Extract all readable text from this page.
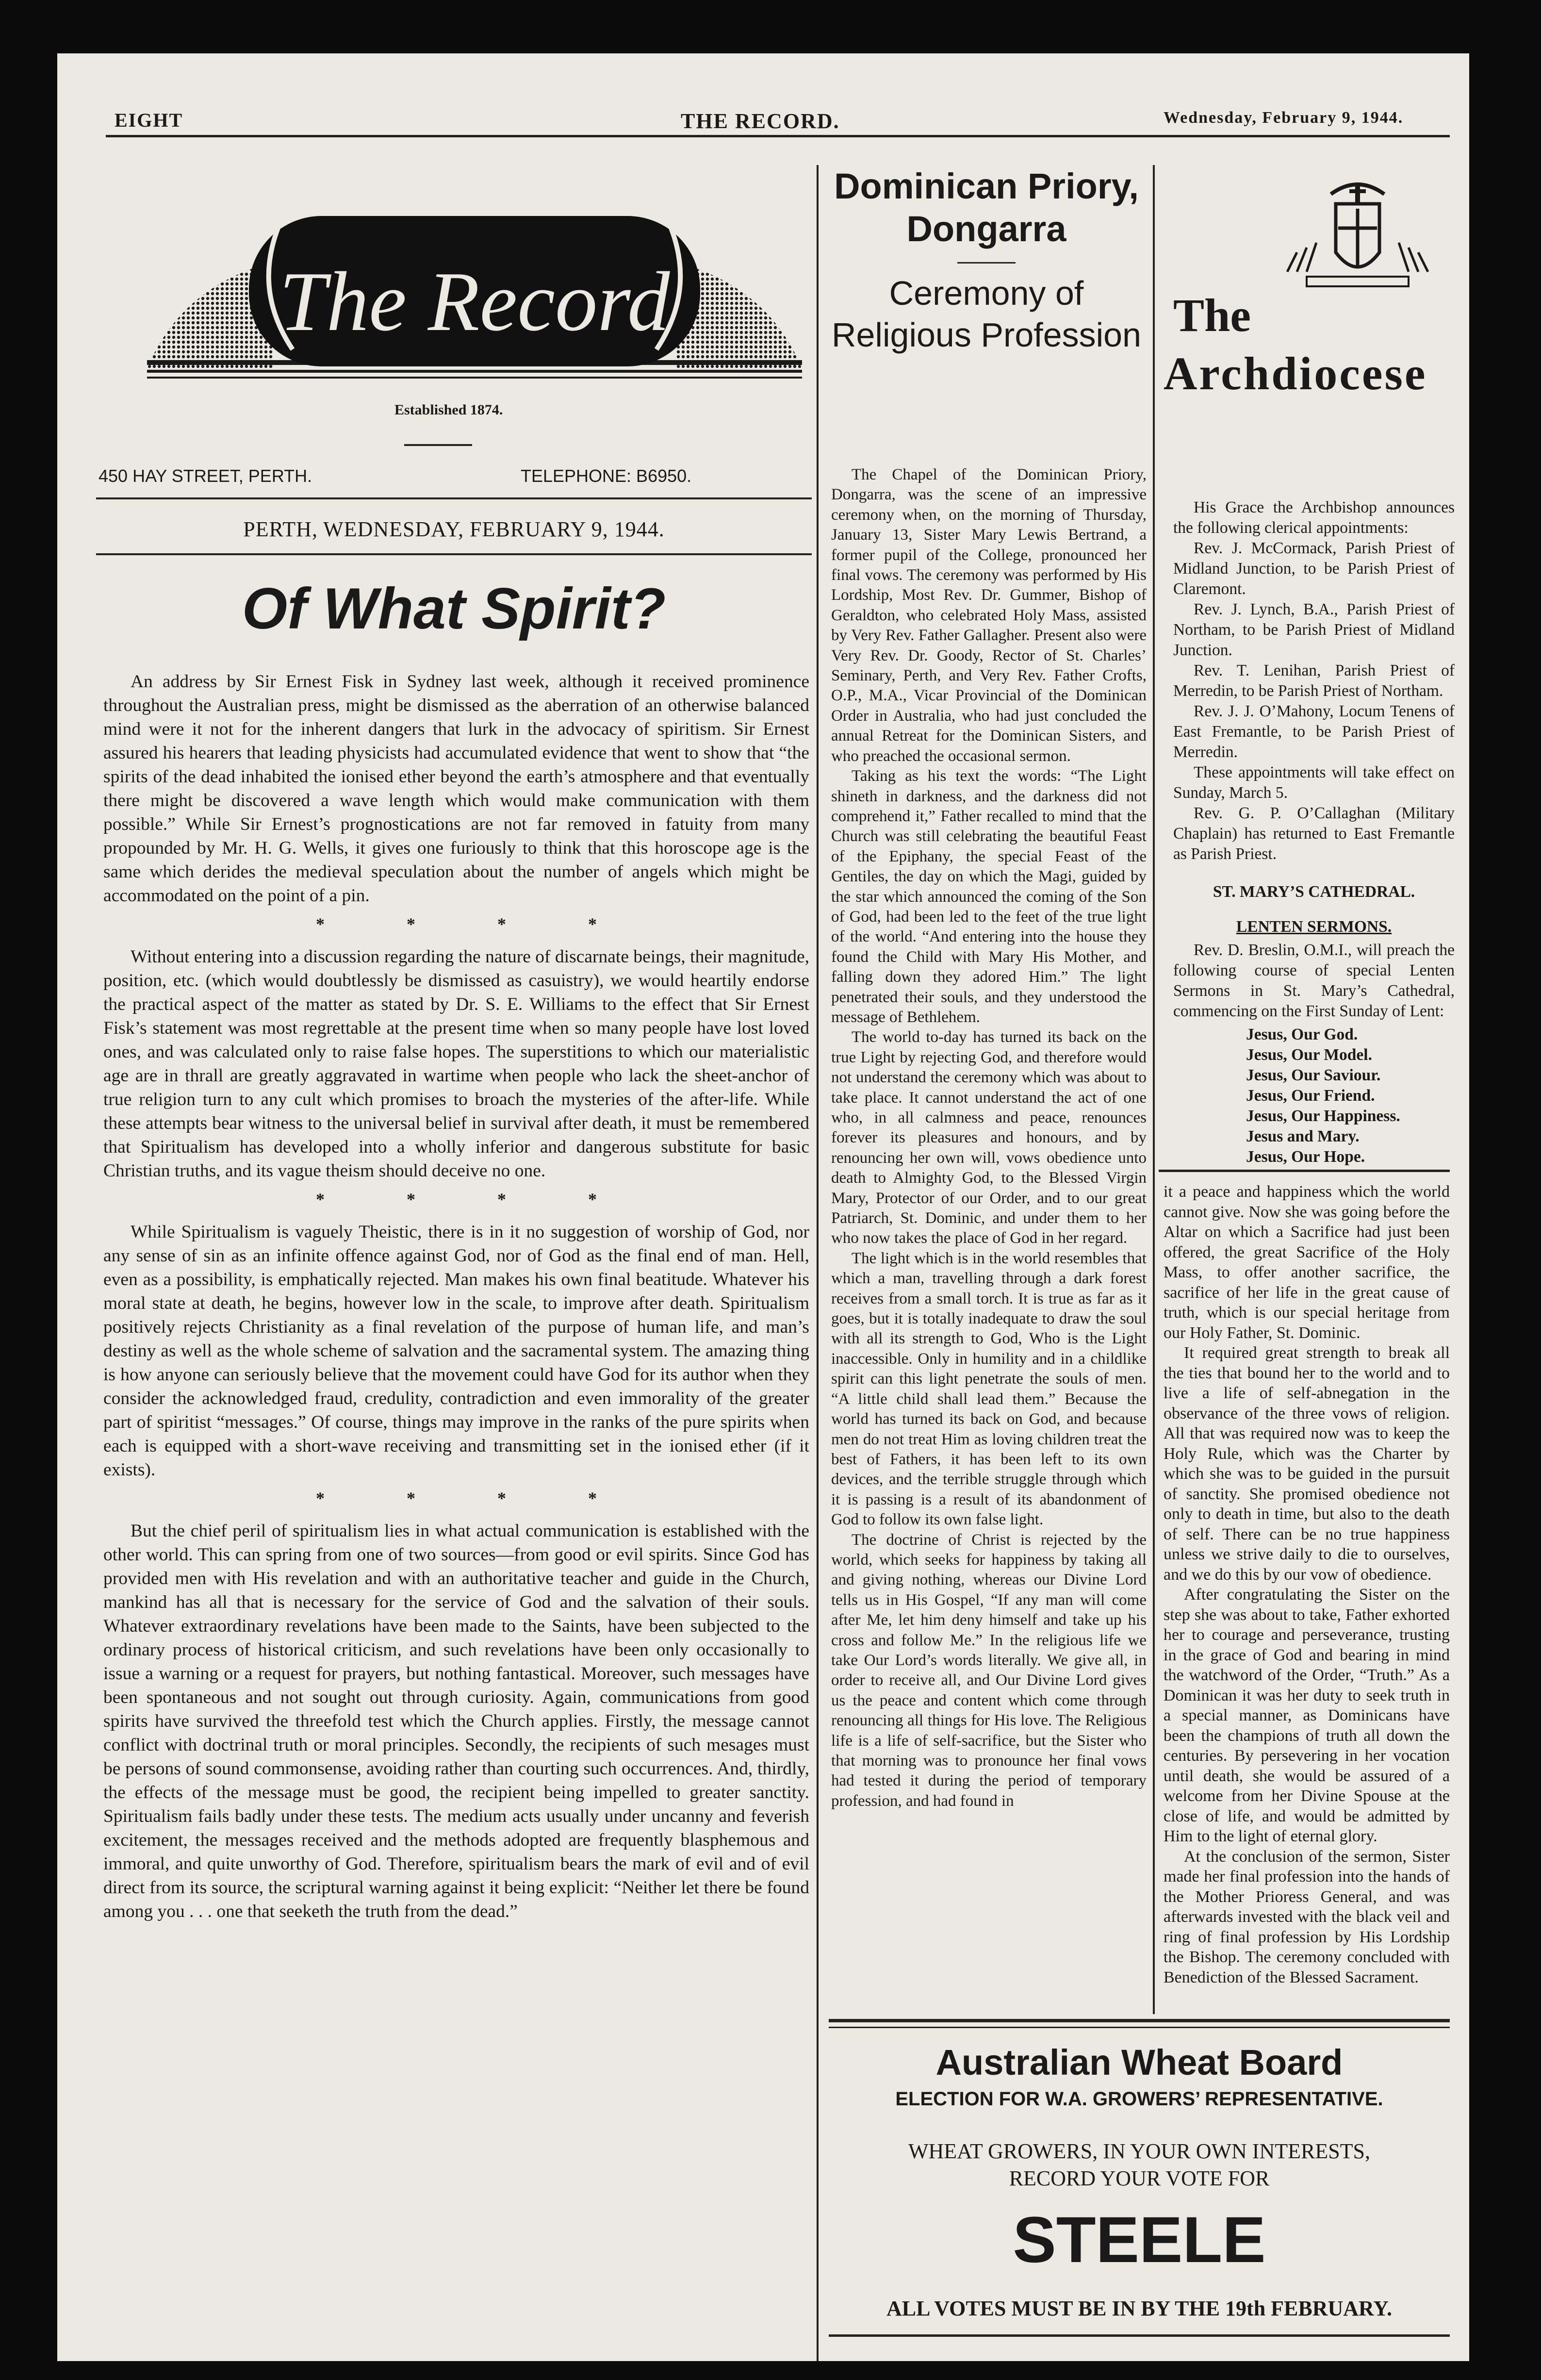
EIGHT	THE RECORD.	Wednesday, February 9, 1944.
The Record
Established 1874.
450 HAY STREET, PERTH.	TELEPHONE: B6950.
PERTH, WEDNESDAY, FEBRUARY 9, 1944.
Of What Spirit?

An address by Sir Ernest Fisk in Sydney last week, although it received prominence throughout the Australian press, might be dismissed as the aberration of an otherwise balanced mind were it not for the inherent dangers that lurk in the advocacy of spiritism. Sir Ernest assured his hearers that leading physicists had accumulated evidence that went to show that “the spirits of the dead inhabited the ionised ether beyond the earth’s atmosphere and that eventually there might be discovered a wave length which would make communication with them possible.” While Sir Ernest’s prognostications are not far removed in fatuity from many propounded by Mr. H. G. Wells, it gives one furiously to think that this horoscope age is the same which derides the medieval speculation about the number of angels which might be accommodated on the point of a pin.

* * * *

Without entering into a discussion regarding the nature of discarnate beings, their magnitude, position, etc. (which would doubtlessly be dismissed as casuistry), we would heartily endorse the practical aspect of the matter as stated by Dr. S. E. Williams to the effect that Sir Ernest Fisk’s statement was most regrettable at the present time when so many people have lost loved ones, and was calculated only to raise false hopes. The superstitions to which our materialistic age are in thrall are greatly aggravated in wartime when people who lack the sheet-anchor of true religion turn to any cult which promises to broach the mysteries of the after-life. While these attempts bear witness to the universal belief in survival after death, it must be remembered that Spiritualism has developed into a wholly inferior and dangerous substitute for basic Christian truths, and its vague theism should deceive no one.

* * * *

While Spiritualism is vaguely Theistic, there is in it no suggestion of worship of God, nor any sense of sin as an infinite offence against God, nor of God as the final end of man. Hell, even as a possibility, is emphatically rejected. Man makes his own final beatitude. Whatever his moral state at death, he begins, however low in the scale, to improve after death. Spiritualism positively rejects Christianity as a final revelation of the purpose of human life, and man’s destiny as well as the whole scheme of salvation and the sacramental system. The amazing thing is how anyone can seriously believe that the movement could have God for its author when they consider the acknowledged fraud, credulity, contradiction and even immorality of the greater part of spiritist “messages.” Of course, things may improve in the ranks of the pure spirits when each is equipped with a short-wave receiving and transmitting set in the ionised ether (if it exists).

* * * *

But the chief peril of spiritualism lies in what actual communication is established with the other world. This can spring from one of two sources—from good or evil spirits. Since God has provided men with His revelation and with an authoritative teacher and guide in the Church, mankind has all that is necessary for the service of God and the salvation of their souls. Whatever extraordinary revelations have been made to the Saints, have been subjected to the ordinary process of historical criticism, and such revelations have been only occasionally to issue a warning or a request for prayers, but nothing fantastical. Moreover, such messages have been spontaneous and not sought out through curiosity. Again, communications from good spirits have survived the threefold test which the Church applies. Firstly, the message cannot conflict with doctrinal truth or moral principles. Secondly, the recipients of such mesages must be persons of sound commonsense, avoiding rather than courting such occurrences. And, thirdly, the effects of the message must be good, the recipient being impelled to greater sanctity. Spiritualism fails badly under these tests. The medium acts usually under uncanny and feverish excitement, the messages received and the methods adopted are frequently blasphemous and immoral, and quite unworthy of God. Therefore, spiritualism bears the mark of evil and of evil direct from its source, the scriptural warning against it being explicit: “Neither let there be found among you . . . one that seeketh the truth from the dead.”

Dominican Priory,
Dongarra
Ceremony of
Religious Profession

The Chapel of the Dominican Priory, Dongarra, was the scene of an impressive ceremony when, on the morning of Thursday, January 13, Sister Mary Lewis Bertrand, a former pupil of the College, pronounced her final vows. The ceremony was performed by His Lordship, Most Rev. Dr. Gummer, Bishop of Geraldton, who celebrated Holy Mass, assisted by Very Rev. Father Gallagher. Present also were Very Rev. Dr. Goody, Rector of St. Charles’ Seminary, Perth, and Very Rev. Father Crofts, O.P., M.A., Vicar Provincial of the Dominican Order in Australia, who had just concluded the annual Retreat for the Dominican Sisters, and who preached the occasional sermon.

Taking as his text the words: “The Light shineth in darkness, and the darkness did not comprehend it,” Father recalled to mind that the Church was still celebrating the beautiful Feast of the Epiphany, the special Feast of the Gentiles, the day on which the Magi, guided by the star which announced the coming of the Son of God, had been led to the feet of the true light of the world. “And entering into the house they found the Child with Mary His Mother, and falling down they adored Him.” The light penetrated their souls, and they understood the message of Bethlehem.

The world to-day has turned its back on the true Light by rejecting God, and therefore would not understand the ceremony which was about to take place. It cannot understand the act of one who, in all calmness and peace, renounces forever its pleasures and honours, and by renouncing her own will, vows obedience unto death to Almighty God, to the Blessed Virgin Mary, Protector of our Order, and to our great Patriarch, St. Dominic, and under them to her who now takes the place of God in her regard.

The light which is in the world resembles that which a man, travelling through a dark forest receives from a small torch. It is true as far as it goes, but it is totally inadequate to draw the soul with all its strength to God, Who is the Light inaccessible. Only in humility and in a childlike spirit can this light penetrate the souls of men. “A little child shall lead them.” Because the world has turned its back on God, and because men do not treat Him as loving children treat the best of Fathers, it has been left to its own devices, and the terrible struggle through which it is passing is a result of its abandonment of God to follow its own false light.

The doctrine of Christ is rejected by the world, which seeks for happiness by taking all and giving nothing, whereas our Divine Lord tells us in His Gospel, “If any man will come after Me, let him deny himself and take up his cross and follow Me.” In the religious life we take Our Lord’s words literally. We give all, in order to receive all, and Our Divine Lord gives us the peace and content which come through renouncing all things for His love. The Religious life is a life of self-sacrifice, but the Sister who that morning was to pronounce her final vows had tested it during the period of temporary profession, and had found in

The
Archdiocese

His Grace the Archbishop announces the following clerical appointments:

Rev. J. McCormack, Parish Priest of Midland Junction, to be Parish Priest of Claremont.

Rev. J. Lynch, B.A., Parish Priest of Northam, to be Parish Priest of Midland Junction.

Rev. T. Lenihan, Parish Priest of Merredin, to be Parish Priest of Northam.

Rev. J. J. O’Mahony, Locum Tenens of East Fremantle, to be Parish Priest of Merredin.

These appointments will take effect on Sunday, March 5.

Rev. G. P. O’Callaghan (Military Chaplain) has returned to East Fremantle as Parish Priest.

ST. MARY’S CATHEDRAL.
LENTEN SERMONS.

Rev. D. Breslin, O.M.I., will preach the following course of special Lenten Sermons in St. Mary’s Cathedral, commencing on the First Sunday of Lent:

Jesus, Our God.
Jesus, Our Model.
Jesus, Our Saviour.
Jesus, Our Friend.
Jesus, Our Happiness.
Jesus and Mary.
Jesus, Our Hope.

it a peace and happiness which the world cannot give. Now she was going before the Altar on which a Sacrifice had just been offered, the great Sacrifice of the Holy Mass, to offer another sacrifice, the sacrifice of her life in the great cause of truth, which is our special heritage from our Holy Father, St. Dominic.

It required great strength to break all the ties that bound her to the world and to live a life of self-abnegation in the observance of the three vows of religion. All that was required now was to keep the Holy Rule, which was the Charter by which she was to be guided in the pursuit of sanctity. She promised obedience not only to death in time, but also to the death of self. There can be no true happiness unless we strive daily to die to ourselves, and we do this by our vow of obedience.

After congratulating the Sister on the step she was about to take, Father exhorted her to courage and perseverance, trusting in the grace of God and bearing in mind the watchword of the Order, “Truth.” As a Dominican it was her duty to seek truth in a special manner, as Dominicans have been the champions of truth all down the centuries. By persevering in her vocation until death, she would be assured of a welcome from her Divine Spouse at the close of life, and would be admitted by Him to the light of eternal glory.

At the conclusion of the sermon, Sister made her final profession into the hands of the Mother Prioress General, and was afterwards invested with the black veil and ring of final profession by His Lordship the Bishop. The ceremony concluded with Benediction of the Blessed Sacrament.

Australian Wheat Board
ELECTION FOR W.A. GROWERS’ REPRESENTATIVE.
WHEAT GROWERS, IN YOUR OWN INTERESTS,
RECORD YOUR VOTE FOR
STEELE
ALL VOTES MUST BE IN BY THE 19th FEBRUARY.
